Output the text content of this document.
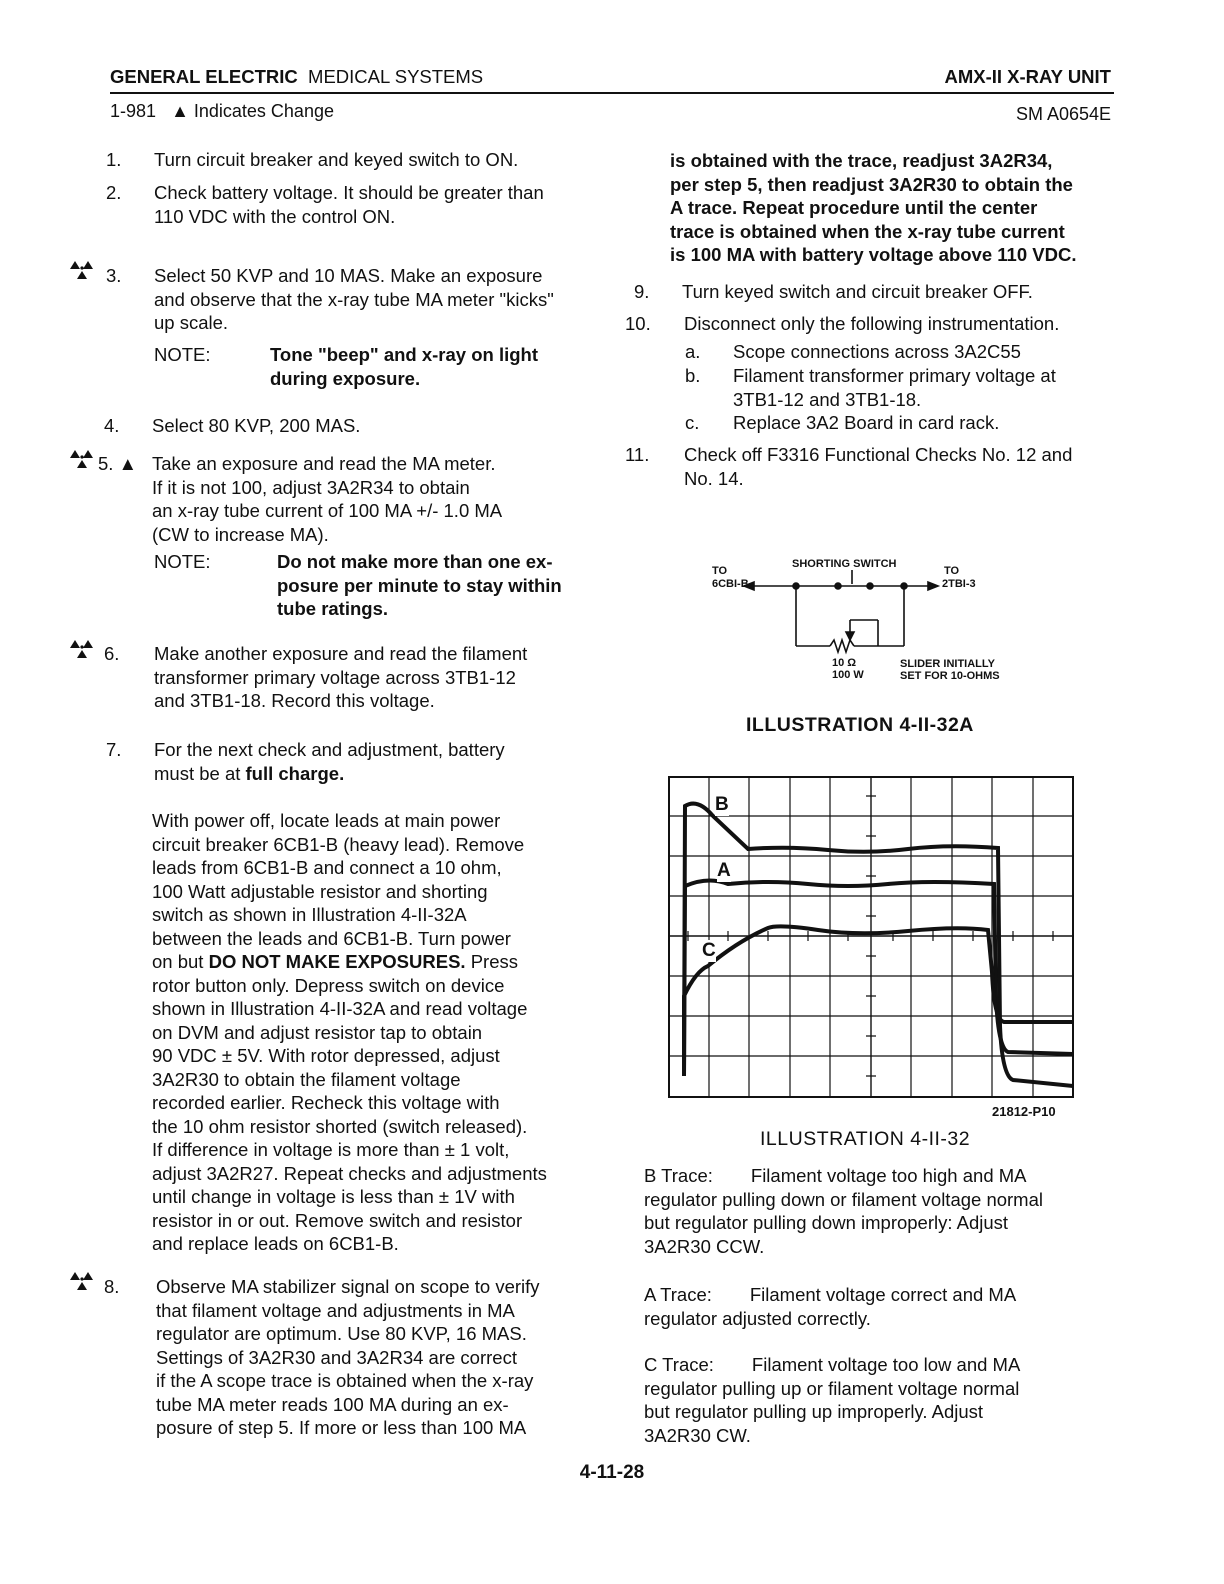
GENERAL ELECTRIC MEDICAL SYSTEMS	AMX-II X-RAY UNIT
1-981 ▲ Indicates Change	SM A0654E
1. Turn circuit breaker and keyed switch to ON.
2. Check battery voltage. It should be greater than
110 VDC with the control ON.
3. Select 50 KVP and 10 MAS. Make an exposure
and observe that the x-ray tube MA meter "kicks"
up scale.
NOTE:	Tone "beep" and x-ray on light
during exposure.
4. Select 80 KVP, 200 MAS.
5. ▲ Take an exposure and read the MA meter.
If it is not 100, adjust 3A2R34 to obtain
an x-ray tube current of 100 MA +/- 1.0 MA
(CW to increase MA).
NOTE:	Do not make more than one ex-
posure per minute to stay within
tube ratings.
6. Make another exposure and read the filament
transformer primary voltage across 3TB1-12
and 3TB1-18. Record this voltage.
7. For the next check and adjustment, battery
must be at full charge.
With power off, locate leads at main power
circuit breaker 6CB1-B (heavy lead). Remove
leads from 6CB1-B and connect a 10 ohm,
100 Watt adjustable resistor and shorting
switch as shown in Illustration 4-II-32A
between the leads and 6CB1-B. Turn power
on but DO NOT MAKE EXPOSURES. Press
rotor button only. Depress switch on device
shown in Illustration 4-II-32A and read voltage
on DVM and adjust resistor tap to obtain
90 VDC ± 5V. With rotor depressed, adjust
3A2R30 to obtain the filament voltage
recorded earlier. Recheck this voltage with
the 10 ohm resistor shorted (switch released).
If difference in voltage is more than ± 1 volt,
adjust 3A2R27. Repeat checks and adjustments
until change in voltage is less than ± 1V with
resistor in or out. Remove switch and resistor
and replace leads on 6CB1-B.
8. Observe MA stabilizer signal on scope to verify
that filament voltage and adjustments in MA
regulator are optimum. Use 80 KVP, 16 MAS.
Settings of 3A2R30 and 3A2R34 are correct
if the A scope trace is obtained when the x-ray
tube MA meter reads 100 MA during an ex-
posure of step 5. If more or less than 100 MA
is obtained with the trace, readjust 3A2R34,
per step 5, then readjust 3A2R30 to obtain the
A trace. Repeat procedure until the center
trace is obtained when the x-ray tube current
is 100 MA with battery voltage above 110 VDC.
9. Turn keyed switch and circuit breaker OFF.
10. Disconnect only the following instrumentation.
a. Scope connections across 3A2C55
b. Filament transformer primary voltage at
3TB1-12 and 3TB1-18.
c. Replace 3A2 Board in card rack.
11. Check off F3316 Functional Checks No. 12 and
No. 14.
TO
6CBI-B
SHORTING SWITCH
TO
2TBI-3
10 Ω
100 W
SLIDER INITIALLY
SET FOR 10-OHMS
ILLUSTRATION 4-II-32A
B
A
C
21812-P10
ILLUSTRATION 4-II-32
B Trace: Filament voltage too high and MA
regulator pulling down or filament voltage normal
but regulator pulling down improperly: Adjust
3A2R30 CCW.
A Trace: Filament voltage correct and MA
regulator adjusted correctly.
C Trace: Filament voltage too low and MA
regulator pulling up or filament voltage normal
but regulator pulling up improperly. Adjust
3A2R30 CW.
4-11-28
